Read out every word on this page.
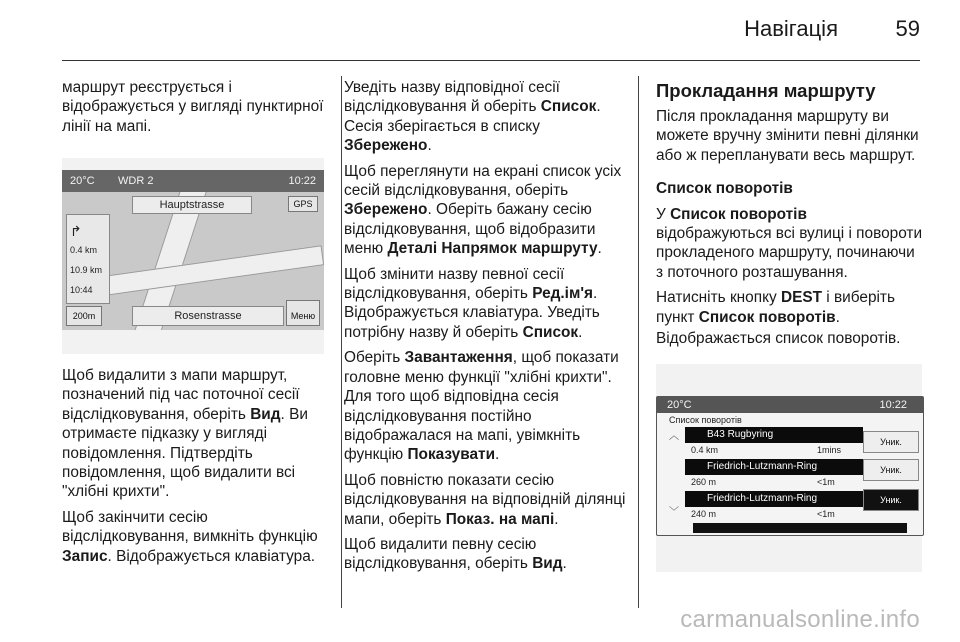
Навігація	59

маршрут реєструється і відображується у вигляді пунктирної лінії на мапі.

20°C WDR 2	10:22
Hauptstrasse	GPS
↱
0.4 km
10.9 km
10:44
200m	Rosenstrasse	Меню

Щоб видалити з мапи маршрут, позначений під час поточної сесії відслідковування, оберіть Вид. Ви отримаєте підказку у вигляді повідомлення. Підтвердіть повідомлення, щоб видалити всі "хлібні крихти".

Щоб закінчити сесію відслідковування, вимкніть функцію Запис. Відображується клавіатура.

Уведіть назву відповідної сесії відслідковування й оберіть Список. Сесія зберігається в списку Збережено.

Щоб переглянути на екрані список усіх сесій відслідковування, оберіть Збережено. Оберіть бажану сесію відслідковування, щоб відобразити меню Деталі Напрямок маршруту.

Щоб змінити назву певної сесії відслідковування, оберіть Ред.ім'я. Відображується клавіатура. Уведіть потрібну назву й оберіть Список.

Оберіть Завантаження, щоб показати головне меню функції "хлібні крихти". Для того щоб відповідна сесія відслідковування постійно відображалася на мапі, увімкніть функцію Показувати.

Щоб повністю показати сесію відслідковування на відповідній ділянці мапи, оберіть Показ. на мапі.

Щоб видалити певну сесію відслідковування, оберіть Вид.

Прокладання маршруту

Після прокладання маршруту ви можете вручну змінити певні ділянки або ж перепланувати весь маршрут.

Список поворотів

У Список поворотів відображуються всі вулиці і повороти прокладеного маршруту, починаючи з поточного розташування.

Натисніть кнопку DEST і виберіть пункт Список поворотів.

Відображається список поворотів.

20°C	10:22
Список поворотів
︿
﹀
B43 Rugbyring
0.4 km	1mins
Уник.
Friedrich-Lutzmann-Ring
260 m	<1m
Уник.
Friedrich-Lutzmann-Ring
240 m	<1m
Уник.
carmanualsonline.info
